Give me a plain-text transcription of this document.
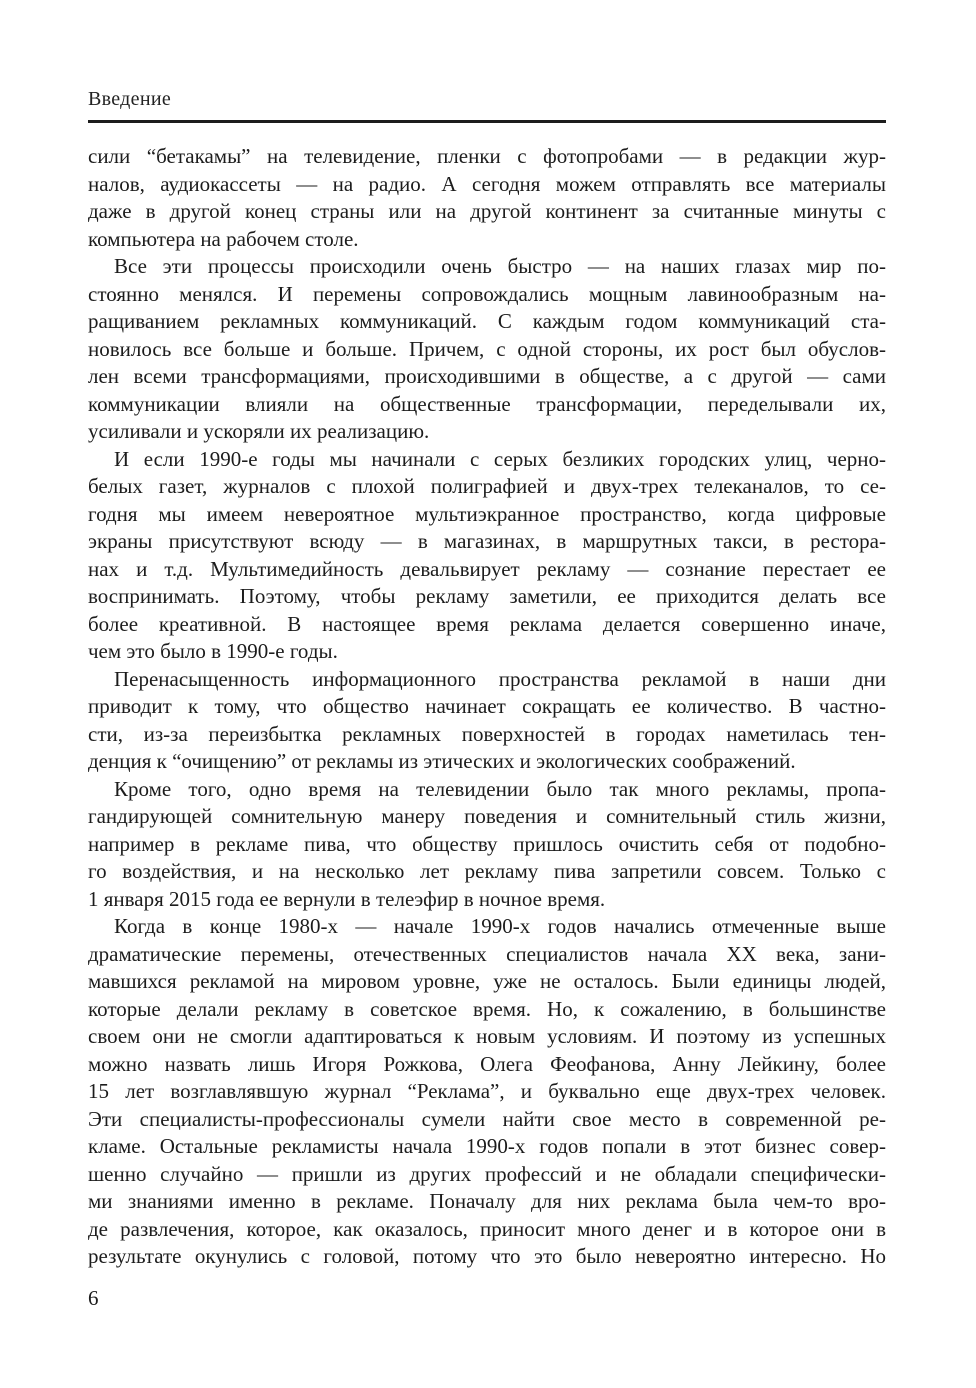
Введение
сили “бетакамы” на телевидение, пленки с фотопробами — в редакции жур-
налов, аудиокассеты — на радио. А сегодня можем отправлять все материалы
даже в другой конец страны или на другой континент за считанные минуты с
компьютера на рабочем столе.
Все эти процессы происходили очень быстро — на наших глазах мир по-
стоянно менялся. И перемены сопровождались мощным лавинообразным на-
ращиванием рекламных коммуникаций. С каждым годом коммуникаций ста-
новилось все больше и больше. Причем, с одной стороны, их рост был обуслов-
лен всеми трансформациями, происходившими в обществе, а с другой — сами
коммуникации влияли на общественные трансформации, переделывали их,
усиливали и ускоряли их реализацию.
И если 1990-е годы мы начинали с серых безликих городских улиц, черно-
белых газет, журналов с плохой полиграфией и двух-трех телеканалов, то се-
годня мы имеем невероятное мультиэкранное пространство, когда цифровые
экраны присутствуют всюду — в магазинах, в маршрутных такси, в рестора-
нах и т.д. Мультимедийность девальвирует рекламу — сознание перестает ее
воспринимать. Поэтому, чтобы рекламу заметили, ее приходится делать все
более креативной. В настоящее время реклама делается совершенно иначе,
чем это было в 1990-е годы.
Перенасыщенность информационного пространства рекламой в наши дни
приводит к тому, что общество начинает сокращать ее количество. В частно-
сти, из-за переизбытка рекламных поверхностей в городах наметилась тен-
денция к “очищению” от рекламы из этических и экологических соображений.
Кроме того, одно время на телевидении было так много рекламы, пропа-
гандирующей сомнительную манеру поведения и сомнительный стиль жизни,
например в рекламе пива, что обществу пришлось очистить себя от подобно-
го воздействия, и на несколько лет рекламу пива запретили совсем. Только с
1 января 2015 года ее вернули в телеэфир в ночное время.
Когда в конце 1980-х — начале 1990-х годов начались отмеченные выше
драматические перемены, отечественных специалистов начала XX века, зани-
мавшихся рекламой на мировом уровне, уже не осталось. Были единицы людей,
которые делали рекламу в советское время. Но, к сожалению, в большинстве
своем они не смогли адаптироваться к новым условиям. И поэтому из успешных
можно назвать лишь Игоря Рожкова, Олега Феофанова, Анну Лейкину, более
15 лет возглавлявшую журнал “Реклама”, и буквально еще двух-трех человек.
Эти специалисты-профессионалы сумели найти свое место в современной ре-
кламе. Остальные рекламисты начала 1990-х годов попали в этот бизнес совер-
шенно случайно — пришли из других профессий и не обладали специфически-
ми знаниями именно в рекламе. Поначалу для них реклама была чем-то вро-
де развлечения, которое, как оказалось, приносит много денег и в которое они в
результате окунулись с головой, потому что это было невероятно интересно. Но
6
